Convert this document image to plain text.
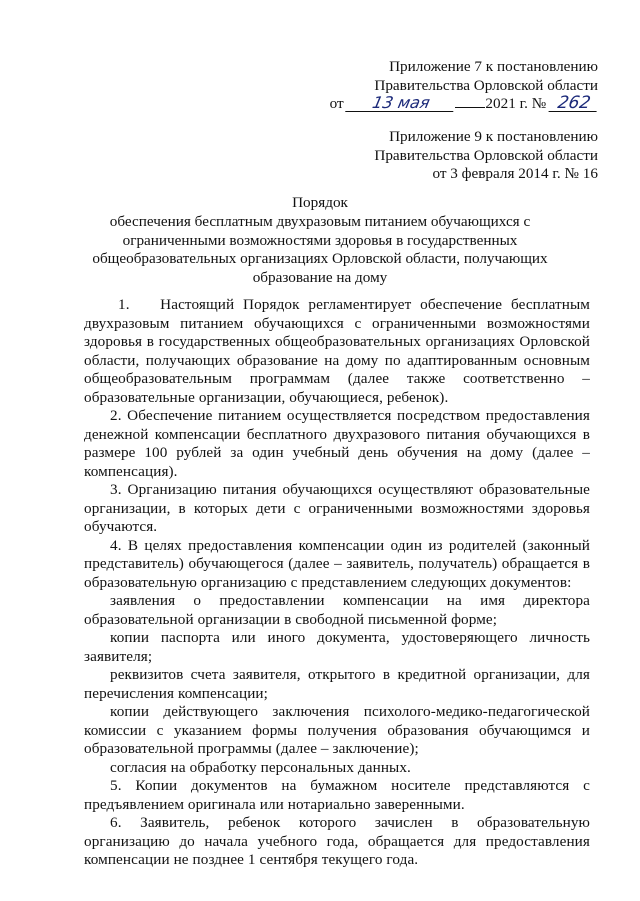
Приложение 7 к постановлению
Правительства Орловской области
от 13 мая	2021 г. № 262
Приложение 9 к постановлению
Правительства Орловской области
от 3 февраля 2014 г. № 16
Порядок
обеспечения бесплатным двухразовым питанием обучающихся с
ограниченными возможностями здоровья в государственных
общеобразовательных организациях Орловской области, получающих
образование на дому

1.  Настоящий Порядок регламентирует обеспечение бесплатным двухразовым питанием обучающихся с ограниченными возможностями здоровья в государственных общеобразовательных организациях Орловской области, получающих образование на дому по адаптированным основным общеобразовательным программам (далее также соответственно – образовательные организации, обучающиеся, ребенок).

2. Обеспечение питанием осуществляется посредством предоставления денежной компенсации бесплатного двухразового питания обучающихся в размере 100 рублей за один учебный день обучения на дому (далее – компенсация).

3. Организацию питания обучающихся осуществляют образовательные организации, в которых дети с ограниченными возможностями здоровья обучаются.

4. В целях предоставления компенсации один из родителей (законный представитель) обучающегося (далее – заявитель, получатель) обращается в образовательную организацию с представлением следующих документов:

заявления о предоставлении компенсации на имя директора образовательной организации в свободной письменной форме;

копии паспорта или иного документа, удостоверяющего личность заявителя;

реквизитов счета заявителя, открытого в кредитной организации, для перечисления компенсации;

копии действующего заключения психолого-медико-педагогической комиссии с указанием формы получения образования обучающимся и образовательной программы (далее – заключение);

согласия на обработку персональных данных.

5. Копии документов на бумажном носителе представляются с предъявлением оригинала или нотариально заверенными.

6. Заявитель, ребенок которого зачислен в образовательную организацию до начала учебного года, обращается для предоставления компенсации не позднее 1 сентября текущего года.
